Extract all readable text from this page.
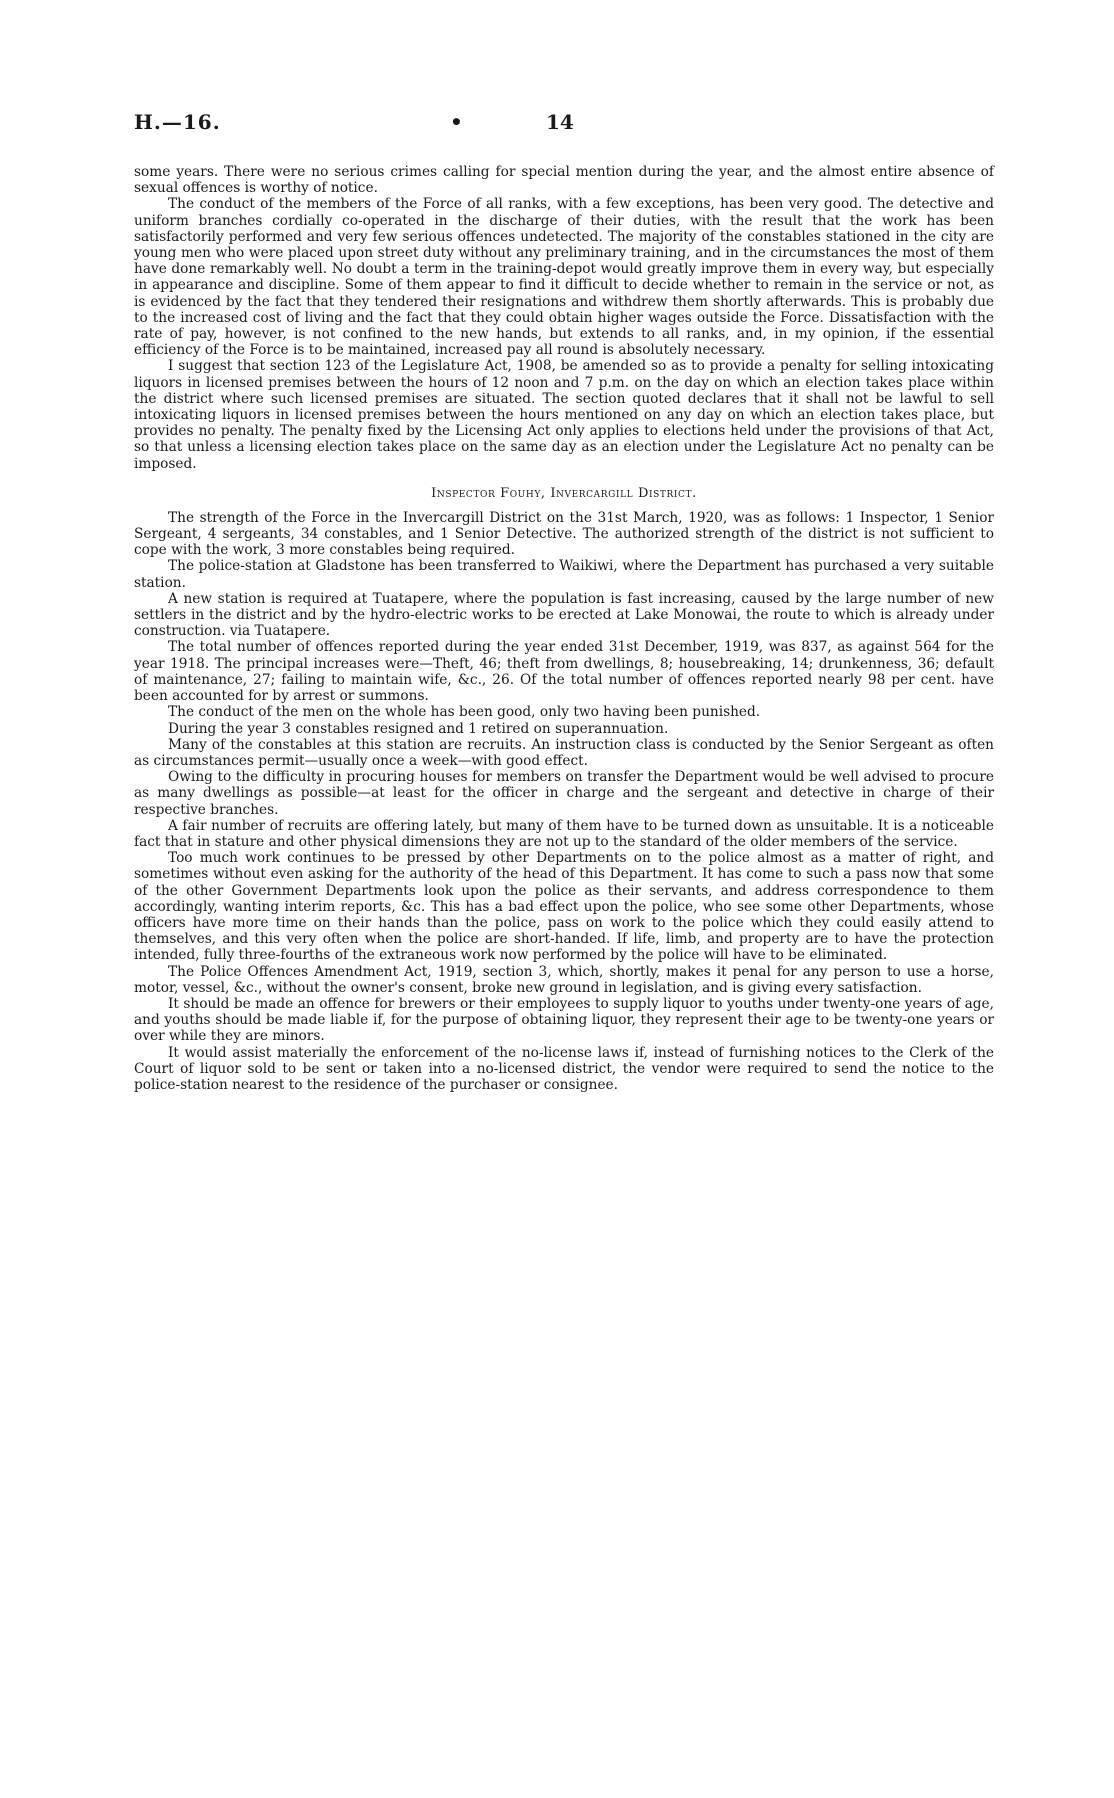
H.—16.	•	14

some years. There were no serious crimes calling for special mention during the year, and the almost entire absence of sexual offences is worthy of notice.

The conduct of the members of the Force of all ranks, with a few exceptions, has been very good. The detective and uniform branches cordially co-operated in the discharge of their duties, with the result that the work has been satisfactorily performed and very few serious offences undetected. The majority of the constables stationed in the city are young men who were placed upon street duty without any preliminary training, and in the circumstances the most of them have done remarkably well. No doubt a term in the training-depot would greatly improve them in every way, but especially in appearance and discipline. Some of them appear to find it difficult to decide whether to remain in the service or not, as is evidenced by the fact that they tendered their resignations and withdrew them shortly afterwards. This is probably due to the increased cost of living and the fact that they could obtain higher wages outside the Force. Dissatisfaction with the rate of pay, however, is not confined to the new hands, but extends to all ranks, and, in my opinion, if the essential efficiency of the Force is to be maintained, increased pay all round is absolutely necessary.

I suggest that section 123 of the Legislature Act, 1908, be amended so as to provide a penalty for selling intoxicating liquors in licensed premises between the hours of 12 noon and 7 p.m. on the day on which an election takes place within the district where such licensed premises are situated. The section quoted declares that it shall not be lawful to sell intoxicating liquors in licensed premises between the hours mentioned on any day on which an election takes place, but provides no penalty. The penalty fixed by the Licensing Act only applies to elections held under the provisions of that Act, so that unless a licensing election takes place on the same day as an election under the Legislature Act no penalty can be imposed.

Inspector Fouhy, Invercargill District.

The strength of the Force in the Invercargill District on the 31st March, 1920, was as follows: 1 Inspector, 1 Senior Sergeant, 4 sergeants, 34 constables, and 1 Senior Detective. The authorized strength of the district is not sufficient to cope with the work, 3 more constables being required.

The police-station at Gladstone has been transferred to Waikiwi, where the Department has purchased a very suitable station.

A new station is required at Tuatapere, where the population is fast increasing, caused by the large number of new settlers in the district and by the hydro-electric works to be erected at Lake Monowai, the route to which is already under construction. via Tuatapere.

The total number of offences reported during the year ended 31st December, 1919, was 837, as against 564 for the year 1918. The principal increases were—Theft, 46; theft from dwellings, 8; housebreaking, 14; drunkenness, 36; default of maintenance, 27; failing to maintain wife, &c., 26. Of the total number of offences reported nearly 98 per cent. have been accounted for by arrest or summons.

The conduct of the men on the whole has been good, only two having been punished.

During the year 3 constables resigned and 1 retired on superannuation.

Many of the constables at this station are recruits. An instruction class is conducted by the Senior Sergeant as often as circumstances permit—usually once a week—with good effect.

Owing to the difficulty in procuring houses for members on transfer the Department would be well advised to procure as many dwellings as possible—at least for the officer in charge and the sergeant and detective in charge of their respective branches.

A fair number of recruits are offering lately, but many of them have to be turned down as unsuitable. It is a noticeable fact that in stature and other physical dimensions they are not up to the standard of the older members of the service.

Too much work continues to be pressed by other Departments on to the police almost as a matter of right, and sometimes without even asking for the authority of the head of this Department. It has come to such a pass now that some of the other Government Departments look upon the police as their servants, and address correspondence to them accordingly, wanting interim reports, &c. This has a bad effect upon the police, who see some other Departments, whose officers have more time on their hands than the police, pass on work to the police which they could easily attend to themselves, and this very often when the police are short-handed. If life, limb, and property are to have the protection intended, fully three-fourths of the extraneous work now performed by the police will have to be eliminated.

The Police Offences Amendment Act, 1919, section 3, which, shortly, makes it penal for any person to use a horse, motor, vessel, &c., without the owner's consent, broke new ground in legislation, and is giving every satisfaction.

It should be made an offence for brewers or their employees to supply liquor to youths under twenty-one years of age, and youths should be made liable if, for the purpose of obtaining liquor, they represent their age to be twenty-one years or over while they are minors.

It would assist materially the enforcement of the no-license laws if, instead of furnishing notices to the Clerk of the Court of liquor sold to be sent or taken into a no-licensed district, the vendor were required to send the notice to the police-station nearest to the residence of the purchaser or consignee.
